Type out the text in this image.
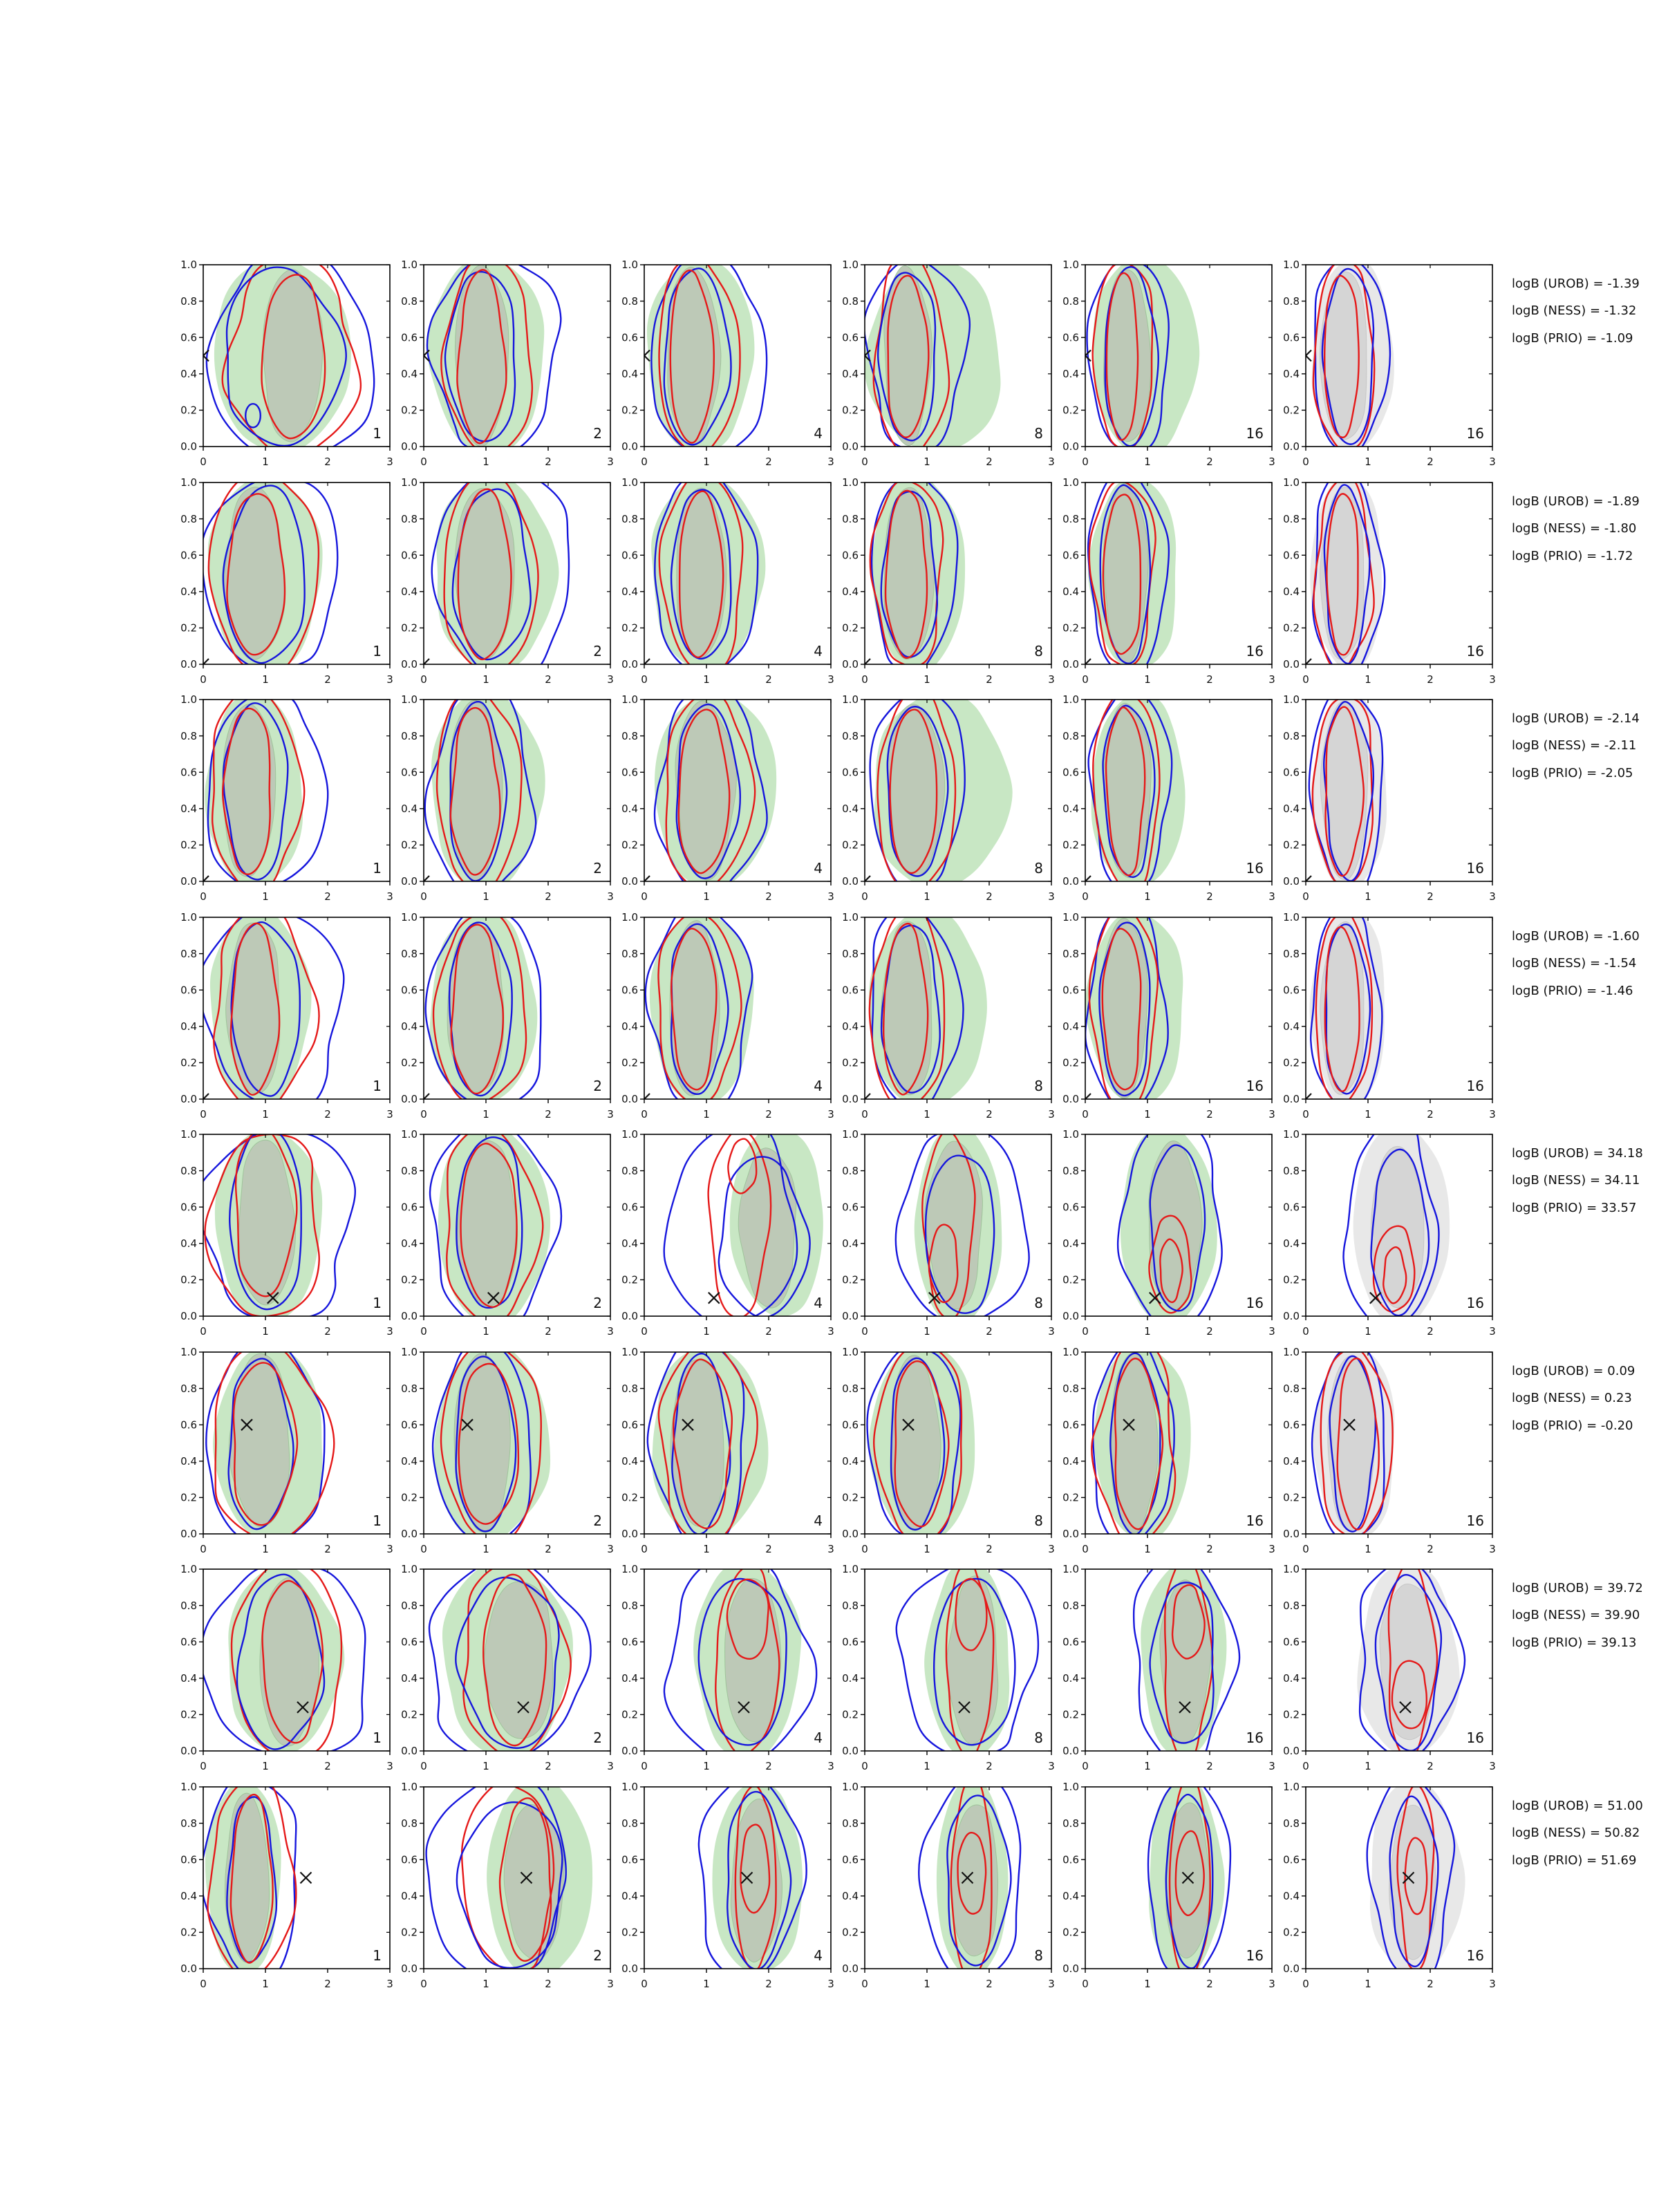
1.0
0.8
0.6
0.4
0.2
0.0
0	1	2	3
1
1.0
0.8
0.6
0.4
0.2
0.0
0	1	2	3
2
1.0
0.8
0.6
0.4
0.2
0.0
0	1	2	3
4
1.0
0.8
0.6
0.4
0.2
0.0
0	1	2	3
8
1.0
0.8
0.6
0.4
0.2
0.0
0	1	2	3
16
1.0
0.8
0.6
0.4
0.2
0.0
0	1	2	3
16
1.0
0.8
0.6
0.4
0.2
0.0
0	1	2	3
1
1.0
0.8
0.6
0.4
0.2
0.0
0	1	2	3
2
1.0
0.8
0.6
0.4
0.2
0.0
0	1	2	3
4
1.0
0.8
0.6
0.4
0.2
0.0
0	1	2	3
8
1.0
0.8
0.6
0.4
0.2
0.0
0	1	2	3
16
1.0
0.8
0.6
0.4
0.2
0.0
0	1	2	3
16
1.0
0.8
0.6
0.4
0.2
0.0
0	1	2	3
1
1.0
0.8
0.6
0.4
0.2
0.0
0	1	2	3
2
1.0
0.8
0.6
0.4
0.2
0.0
0	1	2	3
4
1.0
0.8
0.6
0.4
0.2
0.0
0	1	2	3
8
1.0
0.8
0.6
0.4
0.2
0.0
0	1	2	3
16
1.0
0.8
0.6
0.4
0.2
0.0
0	1	2	3
16
1.0
0.8
0.6
0.4
0.2
0.0
0	1	2	3
1
1.0
0.8
0.6
0.4
0.2
0.0
0	1	2	3
2
1.0
0.8
0.6
0.4
0.2
0.0
0	1	2	3
4
1.0
0.8
0.6
0.4
0.2
0.0
0	1	2	3
8
1.0
0.8
0.6
0.4
0.2
0.0
0	1	2	3
16
1.0
0.8
0.6
0.4
0.2
0.0
0	1	2	3
16
1.0
0.8
0.6
0.4
0.2
0.0
0	1	2	3
1
1.0
0.8
0.6
0.4
0.2
0.0
0	1	2	3
2
1.0
0.8
0.6
0.4
0.2
0.0
0	1	2	3
4
1.0
0.8
0.6
0.4
0.2
0.0
0	1	2	3
8
1.0
0.8
0.6
0.4
0.2
0.0
0	1	2	3
16
1.0
0.8
0.6
0.4
0.2
0.0
0	1	2	3
16
1.0
0.8
0.6
0.4
0.2
0.0
0	1	2	3
1
1.0
0.8
0.6
0.4
0.2
0.0
0	1	2	3
2
1.0
0.8
0.6
0.4
0.2
0.0
0	1	2	3
4
1.0
0.8
0.6
0.4
0.2
0.0
0	1	2	3
8
1.0
0.8
0.6
0.4
0.2
0.0
0	1	2	3
16
1.0
0.8
0.6
0.4
0.2
0.0
0	1	2	3
16
1.0
0.8
0.6
0.4
0.2
0.0
0	1	2	3
1
1.0
0.8
0.6
0.4
0.2
0.0
0	1	2	3
2
1.0
0.8
0.6
0.4
0.2
0.0
0	1	2	3
4
1.0
0.8
0.6
0.4
0.2
0.0
0	1	2	3
8
1.0
0.8
0.6
0.4
0.2
0.0
0	1	2	3
16
1.0
0.8
0.6
0.4
0.2
0.0
0	1	2	3
16
1.0
0.8
0.6
0.4
0.2
0.0
0	1	2	3
1
1.0
0.8
0.6
0.4
0.2
0.0
0	1	2	3
2
1.0
0.8
0.6
0.4
0.2
0.0
0	1	2	3
4
1.0
0.8
0.6
0.4
0.2
0.0
0	1	2	3
8
1.0
0.8
0.6
0.4
0.2
0.0
0	1	2	3
16
1.0
0.8
0.6
0.4
0.2
0.0
0	1	2	3
16
logB (UROB) = -1.39
logB (NESS) = -1.32
logB (PRIO) = -1.09
logB (UROB) = -1.89
logB (NESS) = -1.80
logB (PRIO) = -1.72
logB (UROB) = -2.14
logB (NESS) = -2.11
logB (PRIO) = -2.05
logB (UROB) = -1.60
logB (NESS) = -1.54
logB (PRIO) = -1.46
logB (UROB) = 34.18
logB (NESS) = 34.11
logB (PRIO) = 33.57
logB (UROB) = 0.09
logB (NESS) = 0.23
logB (PRIO) = -0.20
logB (UROB) = 39.72
logB (NESS) = 39.90
logB (PRIO) = 39.13
logB (UROB) = 51.00
logB (NESS) = 50.82
logB (PRIO) = 51.69
